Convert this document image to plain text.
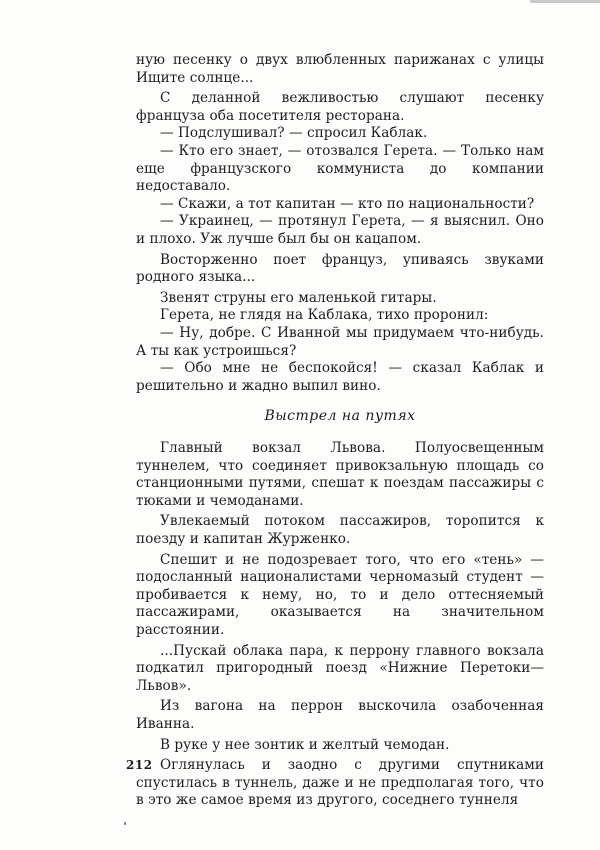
ную песенку о двух влюбленных парижанах с улицы Ищите солнце...

С деланной вежливостью слушают песенку француза оба посетителя ресторана.

— Подслушивал? — спросил Каблак.

— Кто его знает, — отозвался Герета. — Только нам еще французского коммуниста до компании недоставало.

— Скажи, а тот капитан — кто по национальности?

— Украинец, — протянул Герета, — я выяснил. Оно и плохо. Уж лучше был бы он кацапом.

Восторженно поет француз, упиваясь звуками родного языка...

Звенят струны его маленькой гитары.

Герета, не глядя на Каблака, тихо проронил:

— Ну, добре. С Иванной мы придумаем что-нибудь. А ты как устроишься?

— Обо мне не беспокойся! — сказал Каблак и решительно и жадно выпил вино.

Выстрел на путях

Главный вокзал Львова. Полуосвещенным туннелем, что соединяет привокзальную площадь со станционными путями, спешат к поездам пассажиры с тюками и чемоданами.

Увлекаемый потоком пассажиров, торопится к поезду и капитан Журженко.

Спешит и не подозревает того, что его «тень» — подосланный националистами черномазый студент — пробивается к нему, но, то и дело оттесняемый пассажирами, оказывается на значительном расстоянии.

...Пускай облака пара, к перрону главного вокзала подкатил пригородный поезд «Нижние Перетоки—Львов».

Из вагона на перрон выскочила озабоченная Иванна.

В руке у нее зонтик и желтый чемодан.

Оглянулась и заодно с другими спутниками спустилась в туннель, даже и не предполагая того, что в это же самое время из другого, соседнего туннеля

212
